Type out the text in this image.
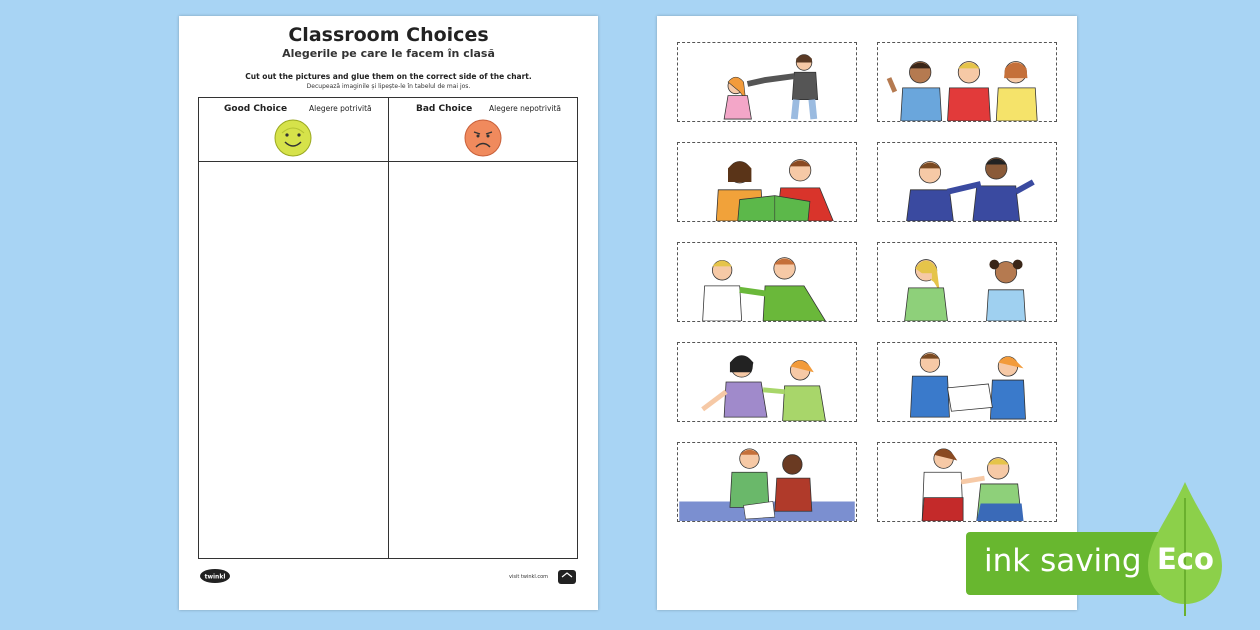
Classroom Choices
Alegerile pe care le facem în clasă
Cut out the pictures and glue them on the correct side of the chart.
Decupează imaginile și lipește-le în tabelul de mai jos.
Good Choice	Alegere potrivită	Bad Choice Alegere nepotrivită
twinkl	visit twinkl.com	ink saving Eco
